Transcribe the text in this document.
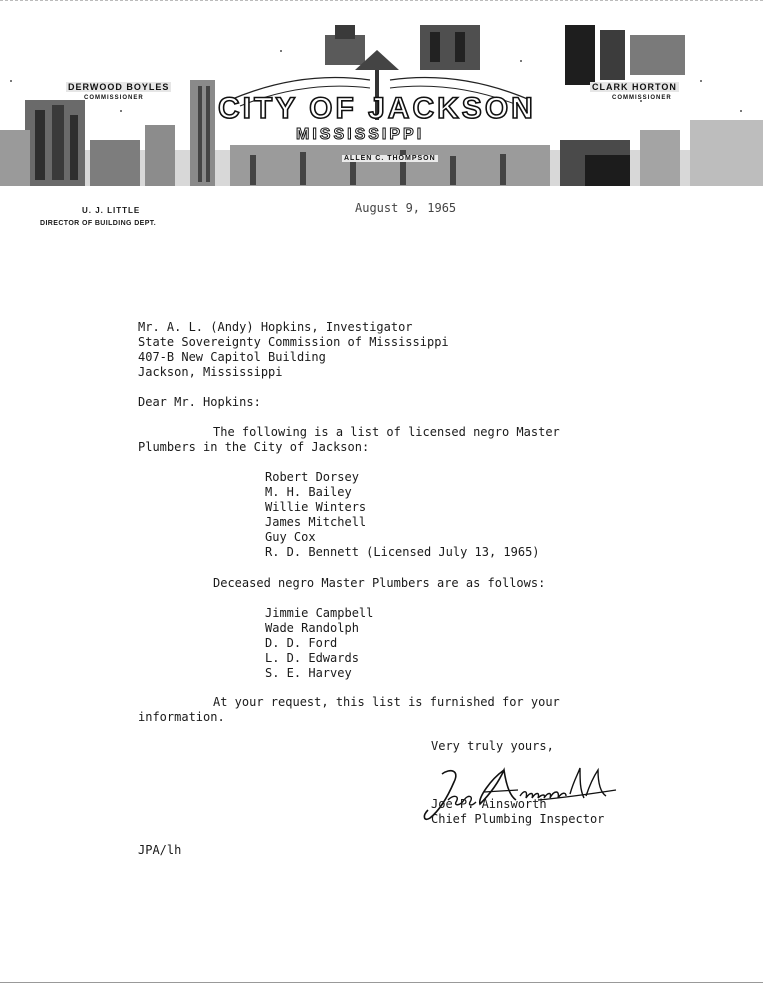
DERWOOD BOYLES
COMMISSIONER
CLARK HORTON
COMMISSIONER
CITY OF JACKSON
MISSISSIPPI
ALLEN C. THOMPSON
U. J. LITTLE
DIRECTOR OF BUILDING DEPT.
August 9, 1965
Mr. A. L. (Andy) Hopkins, Investigator
State Sovereignty Commission of Mississippi
407-B New Capitol Building
Jackson, Mississippi
Dear Mr. Hopkins:
The following is a list of licensed negro Master
Plumbers in the City of Jackson:
Robert Dorsey
M. H. Bailey
Willie Winters
James Mitchell
Guy Cox
R. D. Bennett (Licensed July 13, 1965)
Deceased negro Master Plumbers are as follows:
Jimmie Campbell
Wade Randolph
D. D. Ford
L. D. Edwards
S. E. Harvey
At your request, this list is furnished for your
information.
Very truly yours,
Joe P. Ainsworth
Chief Plumbing Inspector
JPA/lh
